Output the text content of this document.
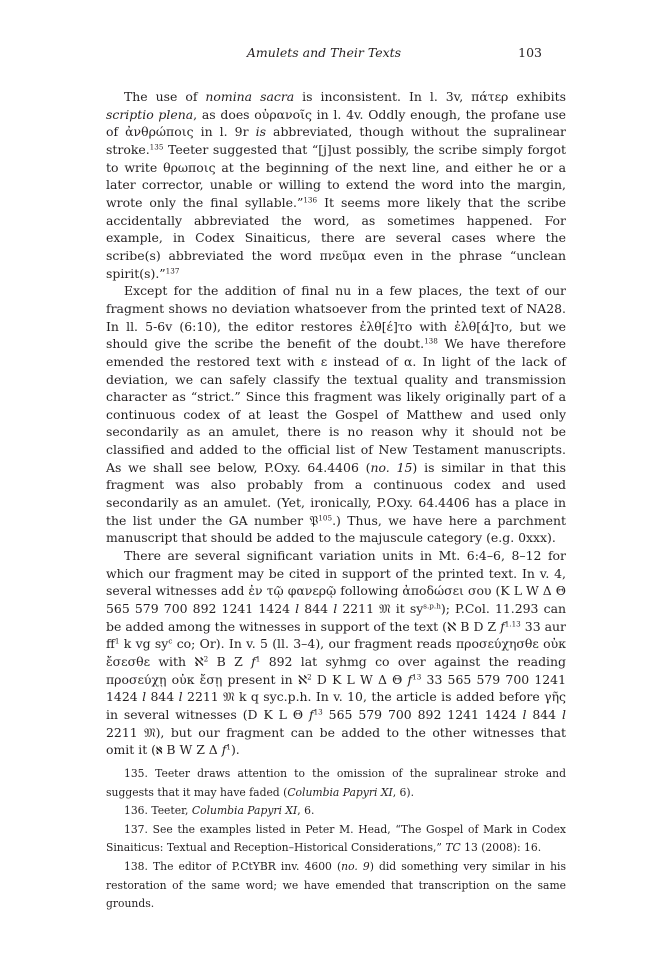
Amulets and Their Texts	103

The use of nomina sacra is inconsistent. In l. 3v, πάτερ exhibits scriptio plena, as does οὐρανοῖς in l. 4v. Oddly enough, the profane use of ἀνθρώποις in l. 9r is abbreviated, though without the supralinear stroke.$^{135}$ Teeter suggested that “[j]ust possibly, the scribe simply forgot to write θρωποις at the beginning of the next line, and either he or a later corrector, unable or willing to extend the word into the margin, wrote only the final syllable.”$^{136}$ It seems more likely that the scribe accidentally abbreviated the word, as sometimes happened. For example, in Codex Sinaiticus, there are several cases where the scribe(s) abbreviated the word πνεῦμα even in the phrase “unclean spirit(s).”$^{137}$

Except for the addition of final nu in a few places, the text of our fragment shows no deviation whatsoever from the printed text of NA28. In ll. 5-6v (6:10), the editor restores ἐλθ[έ]το with ἐλθ[ά]το, but we should give the scribe the benefit of the doubt.$^{138}$ We have therefore emended the restored text with ε instead of α. In light of the lack of deviation, we can safely classify the textual quality and transmission character as “strict.” Since this fragment was likely originally part of a continuous codex of at least the Gospel of Matthew and used only secondarily as an amulet, there is no reason why it should not be classified and added to the official list of New Testament manuscripts. As we shall see below, P.Oxy. 64.4406 (no. 15) is similar in that this fragment was also probably from a continuous codex and used secondarily as an amulet. (Yet, ironically, P.Oxy. 64.4406 has a place in the list under the GA number 𝔓$^{105}$.) Thus, we have here a parchment manuscript that should be added to the majuscule category (e.g. 0xxx).

There are several significant variation units in Mt. 6:4–6, 8–12 for which our fragment may be cited in support of the printed text. In v. 4, several witnesses add ἐν τῷ φανερῷ following ἀποδώσει σου (K L W Δ Θ 565 579 700 892 1241 1424 l 844 l 2211 𝔐 it $sy^{s.p.h}$); P.Col. 11.293 can be added among the witnesses in support of the text (ℵ B D Z $f^{1.13}$ 33 aur $ff^1$ k vg $sy^c$ co; Or). In v. 5 (ll. 3–4), our fragment reads προσεύχησθε οὐκ ἔσεσθε with ℵ$^2$ B Z $f^1$ 892 lat syhmg co over against the reading προσεύχῃ οὐκ ἔσῃ present in ℵ$^2$ D K L W Δ Θ $f^{13}$ 33 565 579 700 1241 1424 l 844 l 2211 𝔐 k q syc.p.h. In v. 10, the article is added before γῆς in several witnesses (D K L Θ $f^{13}$ 565 579 700 892 1241 1424 l 844 l 2211 𝔐), but our fragment can be added to the other witnesses that omit it (ℵ B W Z Δ $f^1$).

135. Teeter draws attention to the omission of the supralinear stroke and suggests that it may have faded (Columbia Papyri XI, 6).

136. Teeter, Columbia Papyri XI, 6.

137. See the examples listed in Peter M. Head, “The Gospel of Mark in Codex Sinaiticus: Textual and Reception–Historical Considerations,” TC 13 (2008): 16.

138. The editor of P.CtYBR inv. 4600 (no. 9) did something very similar in his restoration of the same word; we have emended that transcription on the same grounds.
